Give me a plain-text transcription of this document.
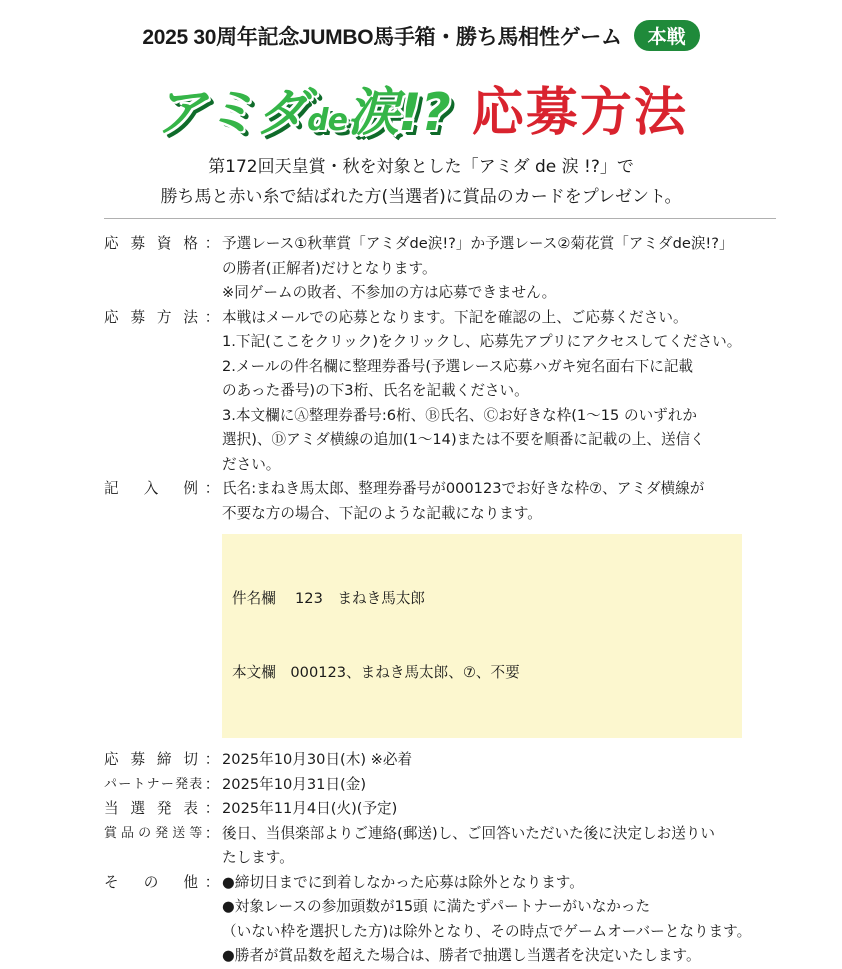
2025 30周年記念JUMBO馬手箱・勝ち馬相性ゲーム	本戦
アミダde涙!? 応募方法
第172回天皇賞・秋を対象とした「アミダ de 涙 !?」で
勝ち馬と赤い糸で結ばれた方(当選者)に賞品のカードをプレゼント。
応募資格 ： 予選レース①秋華賞「アミダde涙!?」か予選レース②菊花賞「アミダde涙!?」
の勝者(正解者)だけとなります。
※同ゲームの敗者、不参加の方は応募できません。
応募方法 ： 本戦はメールでの応募となります。下記を確認の上、ご応募ください。
1.下記(ここをクリック)をクリックし、応募先アプリにアクセスしてください。
2.メールの件名欄に整理券番号(予選レース応募ハガキ宛名面右下に記載
のあった番号)の下3桁、氏名を記載ください。
3.本文欄にⒶ整理券番号:6桁、Ⓑ氏名、Ⓒお好きな枠(1～15 のいずれか
選択)、Ⓓアミダ横線の追加(1～14)または不要を順番に記載の上、送信く
ださい。
記入例 ： 氏名:まねき馬太郎、整理券番号が000123でお好きな枠⑦、アミダ横線が
不要な方の場合、下記のような記載になります。

件名欄　 123　まねき馬太郎

本文欄　000123、まねき馬太郎、⑦、不要

応募締切 ： 2025年10月30日(木) ※必着
パートナー発表 ： 2025年10月31日(金)
当選発表 ： 2025年11月4日(火)(予定)
賞品の発送等 ： 後日、当倶楽部よりご連絡(郵送)し、ご回答いただいた後に決定しお送りい
たします。
その他 ： ●締切日までに到着しなかった応募は除外となります。
●対象レースの参加頭数が15頭 に満たずパートナーがいなかった
（いない枠を選択した方)は除外となり、その時点でゲームオーバーとなります。
●勝者が賞品数を超えた場合は、勝者で抽選し当選者を決定いたします。
